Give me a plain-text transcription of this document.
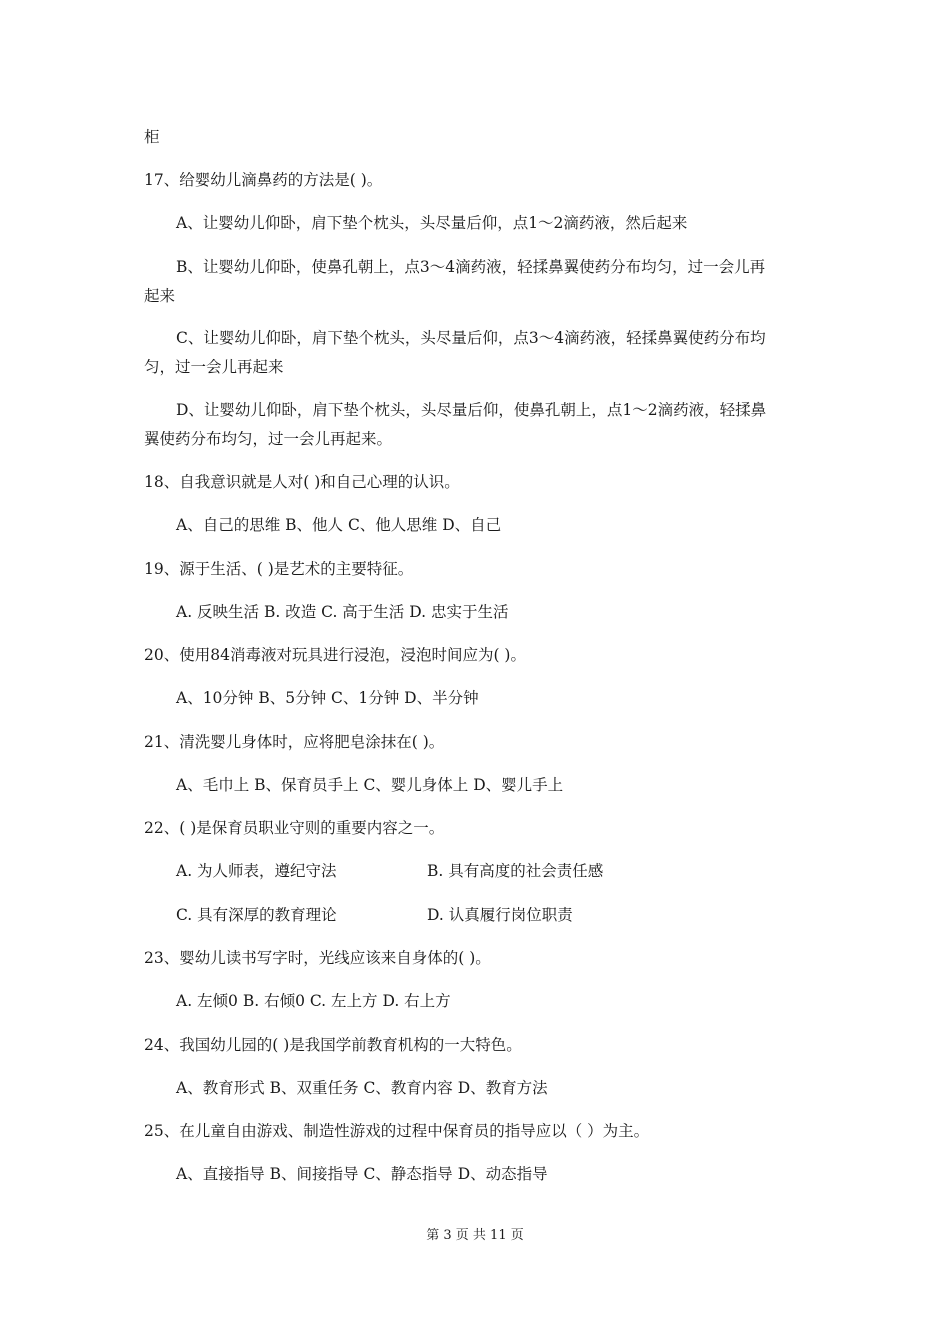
柜
17、给婴幼儿滴鼻药的方法是( )。
A、让婴幼儿仰卧，肩下垫个枕头，头尽量后仰，点1～2滴药液，然后起来
B、让婴幼儿仰卧，使鼻孔朝上，点3～4滴药液，轻揉鼻翼使药分布均匀，过一会儿再
起来
C、让婴幼儿仰卧，肩下垫个枕头，头尽量后仰，点3～4滴药液，轻揉鼻翼使药分布均
匀，过一会儿再起来
D、让婴幼儿仰卧，肩下垫个枕头，头尽量后仰，使鼻孔朝上，点1～2滴药液，轻揉鼻
翼使药分布均匀，过一会儿再起来。
18、自我意识就是人对( )和自己心理的认识。
A、自己的思维 B、他人 C、他人思维 D、自己
19、源于生活、( )是艺术的主要特征。
A. 反映生活 B. 改造 C. 高于生活 D. 忠实于生活
20、使用84消毒液对玩具进行浸泡，浸泡时间应为( )。
A、10分钟 B、5分钟 C、1分钟 D、半分钟
21、清洗婴儿身体时，应将肥皂涂抹在( )。
A、毛巾上 B、保育员手上 C、婴儿身体上 D、婴儿手上
22、( )是保育员职业守则的重要内容之一。
A. 为人师表，遵纪守法	B. 具有高度的社会责任感
C. 具有深厚的教育理论	D. 认真履行岗位职责
23、婴幼儿读书写字时，光线应该来自身体的( )。
A. 左倾0 B. 右倾0 C. 左上方 D. 右上方
24、我国幼儿园的( )是我国学前教育机构的一大特色。
A、教育形式 B、双重任务 C、教育内容 D、教育方法
25、在儿童自由游戏、制造性游戏的过程中保育员的指导应以（ ）为主。
A、直接指导 B、间接指导 C、静态指导 D、动态指导
第 3 页 共 11 页
